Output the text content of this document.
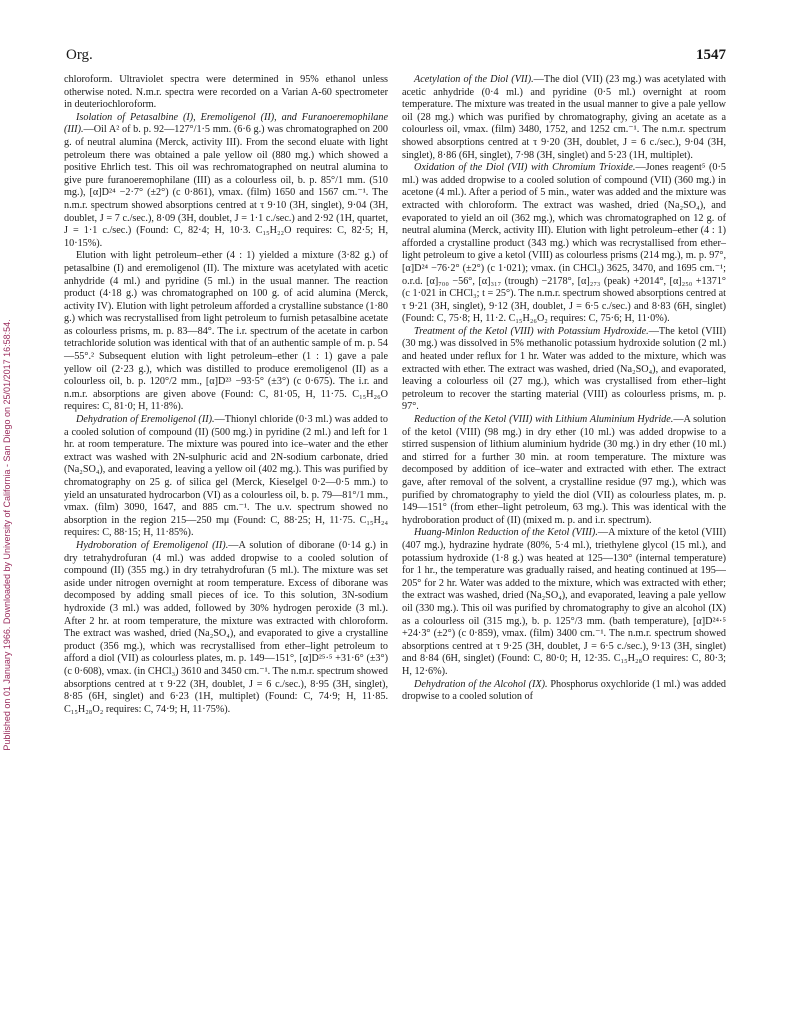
Org.	1547
Published on 01 January 1966. Downloaded by University of California - San Diego on 25/01/2017 16:58:54.

chloroform. Ultraviolet spectra were determined in 95% ethanol unless otherwise noted. N.m.r. spectra were recorded on a Varian A-60 spectrometer in deuteriochloroform.

Isolation of Petasalbine (I), Eremoligenol (II), and Furanoeremophilane (III).—Oil A² of b. p. 92—127°/1·5 mm. (6·6 g.) was chromatographed on 200 g. of neutral alumina (Merck, activity III). From the second eluate with light petroleum there was obtained a pale yellow oil (880 mg.) which showed a positive Ehrlich test. This oil was rechromatographed on neutral alumina to give pure furanoeremophilane (III) as a colourless oil, b. p. 85°/1 mm. (510 mg.), [α]D²⁴ −2·7° (±2°) (c 0·861), νmax. (film) 1650 and 1567 cm.⁻¹. The n.m.r. spectrum showed absorptions centred at τ 9·10 (3H, singlet), 9·04 (3H, doublet, J = 7 c./sec.), 8·09 (3H, doublet, J = 1·1 c./sec.) and 2·92 (1H, quartet, J = 1·1 c./sec.) (Found: C, 82·4; H, 10·3. C₁₅H₂₂O requires: C, 82·5; H, 10·15%).

Elution with light petroleum–ether (4 : 1) yielded a mixture (3·82 g.) of petasalbine (I) and eremoligenol (II). The mixture was acetylated with acetic anhydride (4 ml.) and pyridine (5 ml.) in the usual manner. The reaction product (4·18 g.) was chromatographed on 100 g. of acid alumina (Merck, activity IV). Elution with light petroleum afforded a crystalline substance (1·80 g.) which was recrystallised from light petroleum to furnish petasalbine acetate as colourless prisms, m. p. 83—84°. The i.r. spectrum of the acetate in carbon tetrachloride solution was identical with that of an authentic sample of m. p. 54—55°.² Subsequent elution with light petroleum–ether (1 : 1) gave a pale yellow oil (2·23 g.), which was distilled to produce eremoligenol (II) as a colourless oil, b. p. 120°/2 mm., [α]D²³ −93·5° (±3°) (c 0·675). The i.r. and n.m.r. absorptions are given above (Found: C, 81·05, H, 11·75. C₁₅H₂₆O requires: C, 81·0; H, 11·8%).

Dehydration of Eremoligenol (II).—Thionyl chloride (0·3 ml.) was added to a cooled solution of compound (II) (500 mg.) in pyridine (2 ml.) and left for 1 hr. at room temperature. The mixture was poured into ice–water and the ether extract was washed with 2N-sulphuric acid and 2N-sodium carbonate, dried (Na₂SO₄), and evaporated, leaving a yellow oil (402 mg.). This was purified by chromatography on 25 g. of silica gel (Merck, Kieselgel 0·2—0·5 mm.) to yield an unsaturated hydrocarbon (VI) as a colourless oil, b. p. 79—81°/1 mm., νmax. (film) 3090, 1647, and 885 cm.⁻¹. The u.v. spectrum showed no absorption in the region 215—250 mμ (Found: C, 88·25; H, 11·75. C₁₅H₂₄ requires: C, 88·15; H, 11·85%).

Hydroboration of Eremoligenol (II).—A solution of diborane (0·14 g.) in dry tetrahydrofuran (4 ml.) was added dropwise to a cooled solution of compound (II) (355 mg.) in dry tetrahydrofuran (5 ml.). The mixture was set aside under nitrogen overnight at room temperature. Excess of diborane was decomposed by adding small pieces of ice. To this solution, 3N-sodium hydroxide (3 ml.) was added, followed by 30% hydrogen peroxide (3 ml.). After 2 hr. at room temperature, the mixture was extracted with chloroform. The extract was washed, dried (Na₂SO₄), and evaporated to give a crystalline product (356 mg.), which was recrystallised from ether–light petroleum to afford a diol (VII) as colourless plates, m. p. 149—151°, [α]D²⁵·⁵ +31·6° (±3°) (c 0·608), νmax. (in CHCl₃) 3610 and 3450 cm.⁻¹. The n.m.r. spectrum showed absorptions centred at τ 9·22 (3H, doublet, J = 6 c./sec.), 8·95 (3H, singlet), 8·85 (6H, singlet) and 6·23 (1H, multiplet) (Found: C, 74·9; H, 11·85. C₁₅H₂₈O₂ requires: C, 74·9; H, 11·75%).

Acetylation of the Diol (VII).—The diol (VII) (23 mg.) was acetylated with acetic anhydride (0·4 ml.) and pyridine (0·5 ml.) overnight at room temperature. The mixture was treated in the usual manner to give a pale yellow oil (28 mg.) which was purified by chromatography, giving an acetate as a colourless oil, νmax. (film) 3480, 1752, and 1252 cm.⁻¹. The n.m.r. spectrum showed absorptions centred at τ 9·20 (3H, doublet, J = 6 c./sec.), 9·04 (3H, singlet), 8·86 (6H, singlet), 7·98 (3H, singlet) and 5·23 (1H, multiplet).

Oxidation of the Diol (VII) with Chromium Trioxide.—Jones reagent⁵ (0·5 ml.) was added dropwise to a cooled solution of compound (VII) (360 mg.) in acetone (4 ml.). After a period of 5 min., water was added and the mixture was extracted with chloroform. The extract was washed, dried (Na₂SO₄), and evaporated to yield an oil (362 mg.), which was chromatographed on 12 g. of neutral alumina (Merck, activity III). Elution with light petroleum–ether (4 : 1) afforded a crystalline product (343 mg.) which was recrystallised from ether–light petroleum to give a ketol (VIII) as colourless prisms (214 mg.), m. p. 97°, [α]D²⁴ −76·2° (±2°) (c 1·021); νmax. (in CHCl₃) 3625, 3470, and 1695 cm.⁻¹; o.r.d. [α]₇₀₀ −56°, [α]₃₁₇ (trough) −2178°, [α]₂₇₃ (peak) +2014°, [α]₂₅₀ +1371° (c 1·021 in CHCl₃; t = 25°). The n.m.r. spectrum showed absorptions centred at τ 9·21 (3H, singlet), 9·12 (3H, doublet, J = 6·5 c./sec.) and 8·83 (6H, singlet) (Found: C, 75·8; H, 11·2. C₁₅H₂₆O₂ requires: C, 75·6; H, 11·0%).

Treatment of the Ketol (VIII) with Potassium Hydroxide.—The ketol (VIII) (30 mg.) was dissolved in 5% methanolic potassium hydroxide solution (2 ml.) and heated under reflux for 1 hr. Water was added to the mixture, which was extracted with ether. The extract was washed, dried (Na₂SO₄), and evaporated, leaving a colourless oil (27 mg.), which was crystallised from ether–light petroleum to recover the starting material (VIII) as colourless prisms, m. p. 97°.

Reduction of the Ketol (VIII) with Lithium Aluminium Hydride.—A solution of the ketol (VIII) (98 mg.) in dry ether (10 ml.) was added dropwise to a stirred suspension of lithium aluminium hydride (30 mg.) in dry ether (10 ml.) and stirred for a further 30 min. at room temperature. The mixture was decomposed by addition of ice–water and extracted with ether. The extract gave, after removal of the solvent, a crystalline residue (97 mg.), which was purified by chromatography to yield the diol (VII) as colourless plates, m. p. 149—151° (from ether–light petroleum, 63 mg.). This was identical with the hydroboration product of (II) (mixed m. p. and i.r. spectrum).

Huang-Minlon Reduction of the Ketol (VIII).—A mixture of the ketol (VIII) (407 mg.), hydrazine hydrate (80%, 5·4 ml.), triethylene glycol (15 ml.), and potassium hydroxide (1·8 g.) was heated at 125—130° (internal temperature) for 1 hr., the temperature was gradually raised, and heating continued at 195—205° for 2 hr. Water was added to the mixture, which was extracted with ether; the extract was washed, dried (Na₂SO₄), and evaporated, leaving a pale yellow oil (330 mg.). This oil was purified by chromatography to give an alcohol (IX) as a colourless oil (315 mg.), b. p. 125°/3 mm. (bath temperature), [α]D²⁴·⁵ +24·3° (±2°) (c 0·859), νmax. (film) 3400 cm.⁻¹. The n.m.r. spectrum showed absorptions centred at τ 9·25 (3H, doublet, J = 6·5 c./sec.), 9·13 (3H, singlet) and 8·84 (6H, singlet) (Found: C, 80·0; H, 12·35. C₁₅H₂₈O requires: C, 80·3; H, 12·6%).

Dehydration of the Alcohol (IX). Phosphorus oxychloride (1 ml.) was added dropwise to a cooled solution of
